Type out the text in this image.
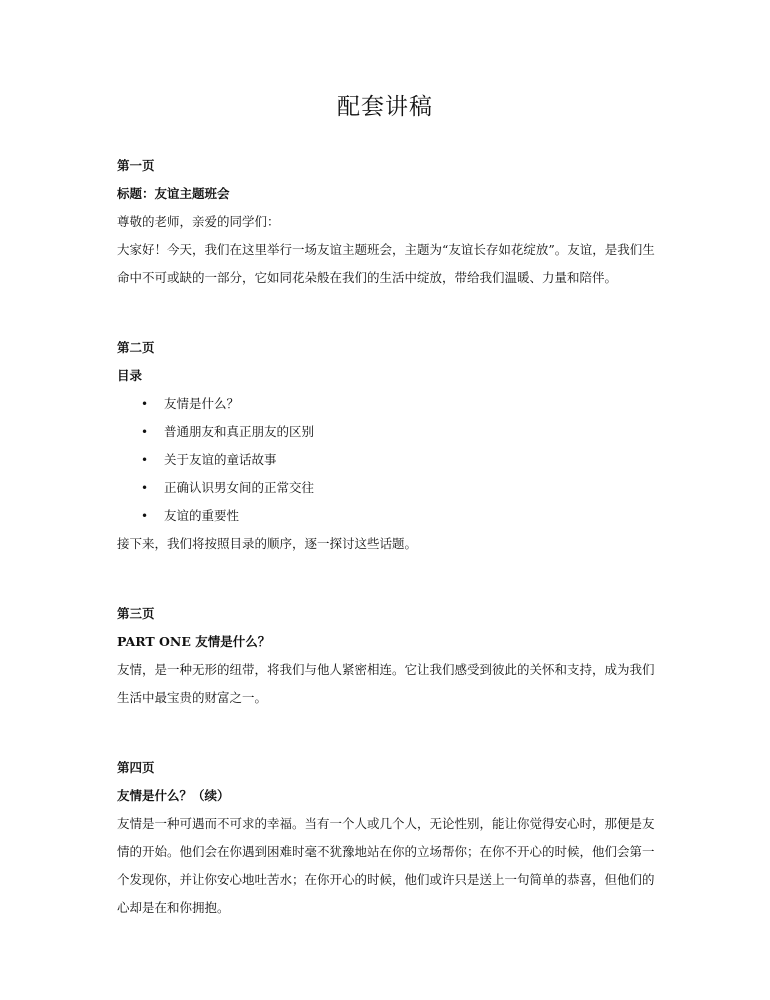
配套讲稿

第一页

标题：友谊主题班会

尊敬的老师，亲爱的同学们：

大家好！今天，我们在这里举行一场友谊主题班会，主题为“友谊长存如花绽放”。友谊，是我们生命中不可或缺的一部分，它如同花朵般在我们的生活中绽放，带给我们温暖、力量和陪伴。

第二页

目录

• 友情是什么？
• 普通朋友和真正朋友的区别
• 关于友谊的童话故事
• 正确认识男女间的正常交往
• 友谊的重要性

接下来，我们将按照目录的顺序，逐一探讨这些话题。

第三页

PART ONE 友情是什么？

友情，是一种无形的纽带，将我们与他人紧密相连。它让我们感受到彼此的关怀和支持，成为我们生活中最宝贵的财富之一。

第四页

友情是什么？（续）

友情是一种可遇而不可求的幸福。当有一个人或几个人，无论性别，能让你觉得安心时，那便是友情的开始。他们会在你遇到困难时毫不犹豫地站在你的立场帮你；在你不开心的时候，他们会第一个发现你，并让你安心地吐苦水；在你开心的时候，他们或许只是送上一句简单的恭喜，但他们的心却是在和你拥抱。
